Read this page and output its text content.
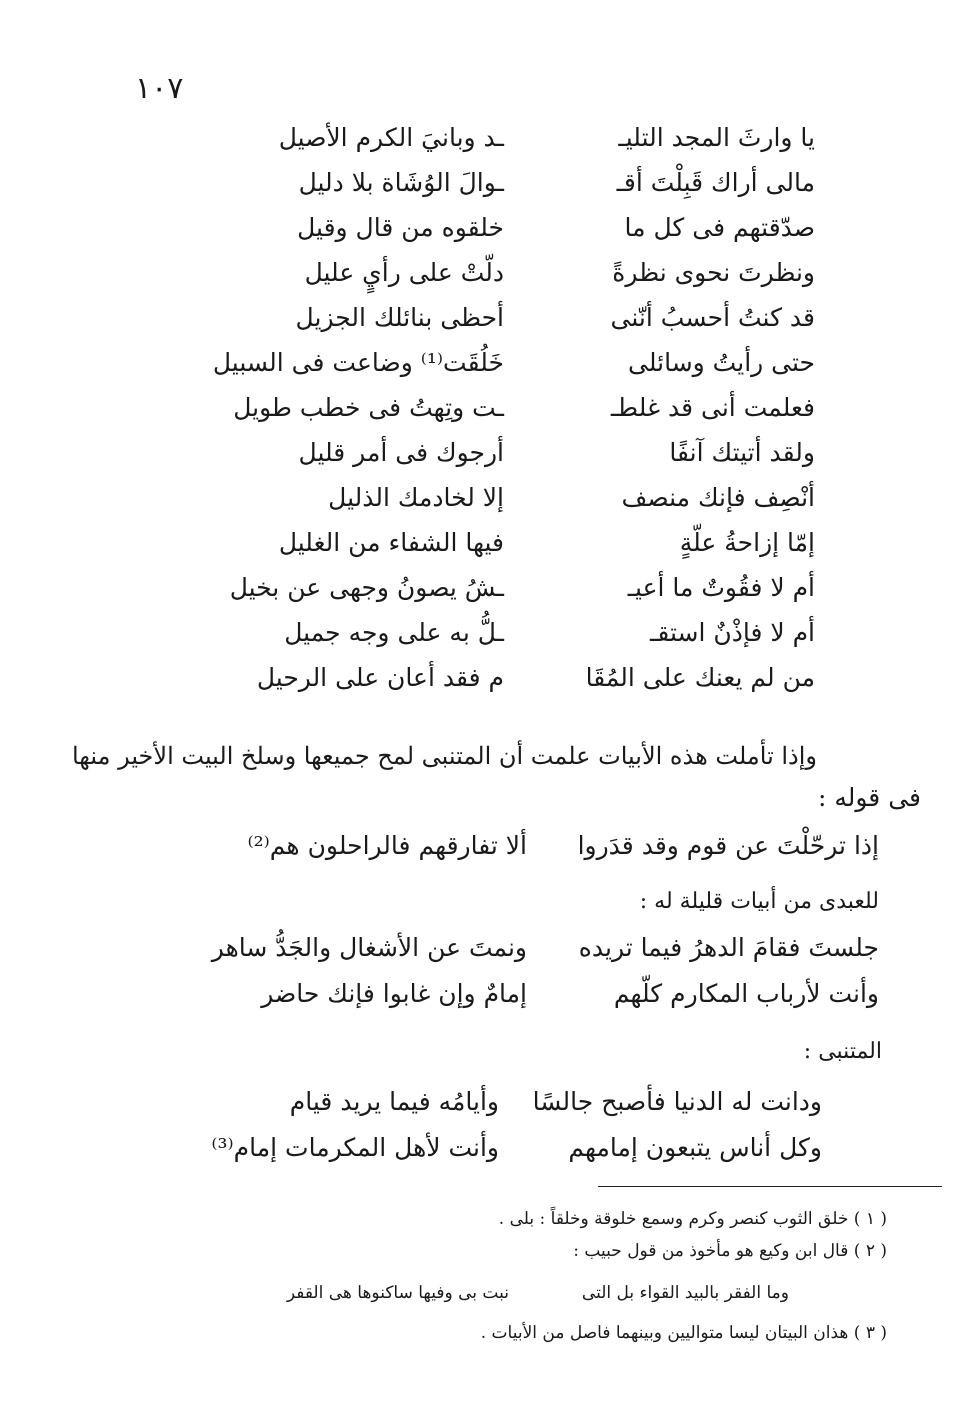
١٠٧
يا وارثَ المجد التليـ
ـد وبانيَ الكرم الأصيل
مالى أراك قَبِلْتَ أقـ
ـوالَ الوُشَاة بلا دليل
صدّقتهم فى كل ما
خلقوه من قال وقيل
ونظرتَ نحوى نظرةً
دلّتْ على رأيٍ عليل
قد كنتُ أحسبُ أنّنى
أحظى بنائلك الجزيل
حتى رأيتُ وسائلى
خَلُقَت⁽¹⁾ وضاعت فى السبيل
فعلمت أنى قد غلطـ
ـت وتِهتُ فى خطب طويل
ولقد أتيتك آنفًا
أرجوك فى أمر قليل
أنْصِف فإنك منصف
إلا لخادمك الذليل
إمّا إزاحةُ علّةٍ
فيها الشفاء من الغليل
أم لا فقُوتٌ ما أعيـ
ـشُ يصونُ وجهى عن بخيل
أم لا فإذْنٌ استقـ
ـلُّ به على وجه جميل
من لم يعنك على المُقَا
م فقد أعان على الرحيل
وإذا تأملت هذه الأبيات علمت أن المتنبى لمح جميعها وسلخ البيت الأخير منها
فى قوله :
إذا ترحّلْتَ عن قوم وقد قدَروا
ألا تفارقهم فالراحلون هم⁽²⁾
للعبدى من أبيات قليلة له :
جلستَ فقامَ الدهرُ فيما تريده
ونمتَ عن الأشغال والجَدُّ ساهر
وأنت لأرباب المكارم كلّهم
إمامٌ وإن غابوا فإنك حاضر
المتنبى :
ودانت له الدنيا فأصبح جالسًا
وأيامُه فيما يريد قيام
وكل أناس يتبعون إمامهم
وأنت لأهل المكرمات إمام⁽³⁾
( ١ ) خلق الثوب كنصر وكرم وسمع خلوقة وخلقاً : بلى .
( ٢ ) قال ابن وكيع هو مأخوذ من قول حبيب :
وما الفقر بالبيد القواء بل التى
نبت بى وفيها ساكنوها هى القفر
( ٣ ) هذان البيتان ليسا متواليين وبينهما فاصل من الأبيات .
